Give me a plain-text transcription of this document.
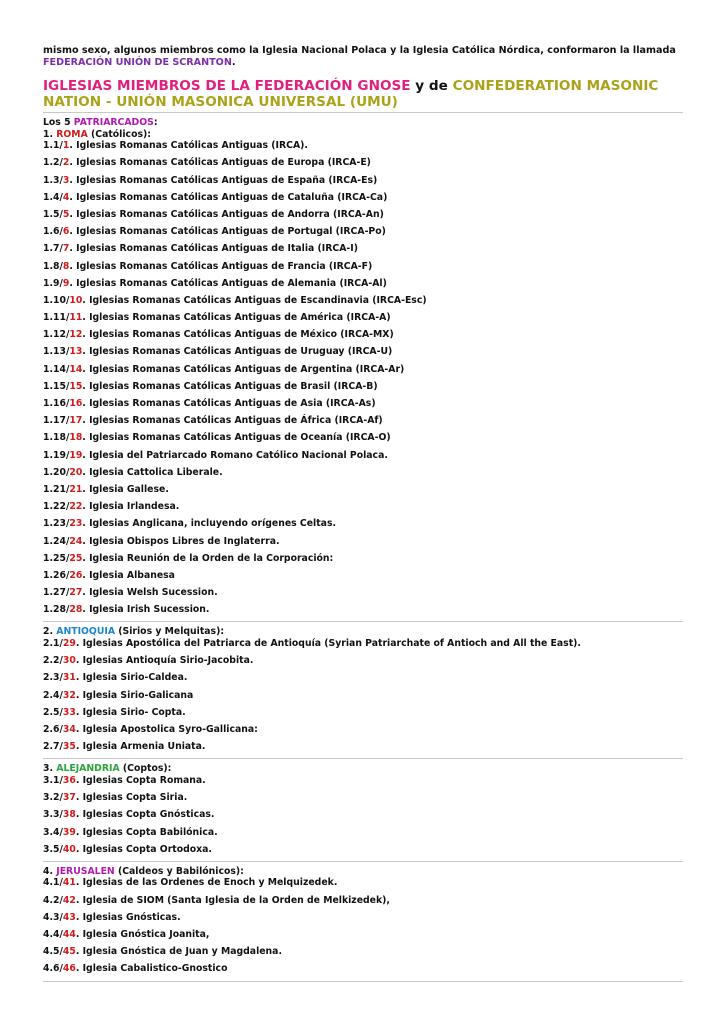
mismo sexo, algunos miembros como la Iglesia Nacional Polaca y la Iglesia Católica Nórdica, conformaron la llamada FEDERACIÓN UNIÓN DE SCRANTON.

IGLESIAS MIEMBROS DE LA FEDERACIÓN GNOSE y de CONFEDERATION MASONIC NATION - UNIÓN MASONICA UNIVERSAL (UMU)
Los 5 PATRIARCADOS:
1. ROMA (Católicos):
1.1/1. Iglesias Romanas Católicas Antiguas (IRCA).
1.2/2. Iglesias Romanas Católicas Antiguas de Europa (IRCA-E)
1.3/3. Iglesias Romanas Católicas Antiguas de España (IRCA-Es)
1.4/4. Iglesias Romanas Católicas Antiguas de Cataluña (IRCA-Ca)
1.5/5. Iglesias Romanas Católicas Antiguas de Andorra (IRCA-An)
1.6/6. Iglesias Romanas Católicas Antiguas de Portugal (IRCA-Po)
1.7/7. Iglesias Romanas Católicas Antiguas de Italia (IRCA-I)
1.8/8. Iglesias Romanas Católicas Antiguas de Francia (IRCA-F)
1.9/9. Iglesias Romanas Católicas Antiguas de Alemania (IRCA-Al)
1.10/10. Iglesias Romanas Católicas Antiguas de Escandinavia (IRCA-Esc)
1.11/11. Iglesias Romanas Católicas Antiguas de América (IRCA-A)
1.12/12. Iglesias Romanas Católicas Antiguas de México (IRCA-MX)
1.13/13. Iglesias Romanas Católicas Antiguas de Uruguay (IRCA-U)
1.14/14. Iglesias Romanas Católicas Antiguas de Argentina (IRCA-Ar)
1.15/15. Iglesias Romanas Católicas Antiguas de Brasil (IRCA-B)
1.16/16. Iglesias Romanas Católicas Antiguas de Asia (IRCA-As)
1.17/17. Iglesias Romanas Católicas Antiguas de África (IRCA-Af)
1.18/18. Iglesias Romanas Católicas Antiguas de Oceanía (IRCA-O)
1.19/19. Iglesia del Patriarcado Romano Católico Nacional Polaca.
1.20/20. Iglesia Cattolica Liberale.
1.21/21. Iglesia Gallese.
1.22/22. Iglesia Irlandesa.
1.23/23. Iglesias Anglicana, incluyendo orígenes Celtas.
1.24/24. Iglesia Obispos Libres de Inglaterra.
1.25/25. Iglesia Reunión de la Orden de la Corporación:
1.26/26. Iglesia Albanesa
1.27/27. Iglesia Welsh Sucession.
1.28/28. Iglesia Irish Sucession.
2. ANTIOQUIA (Sirios y Melquitas):
2.1/29. Iglesias Apostólica del Patriarca de Antioquía (Syrian Patriarchate of Antioch and All the East).
2.2/30. Iglesias Antioquía Sirio-Jacobita.
2.3/31. Iglesia Sirio-Caldea.
2.4/32. Iglesia Sirio-Galicana
2.5/33. Iglesia Sirio- Copta.
2.6/34. Iglesia Apostolica Syro-Gallicana:
2.7/35. Iglesia Armenia Uniata.
3. ALEJANDRIA (Coptos):
3.1/36. Iglesias Copta Romana.
3.2/37. Iglesias Copta Siria.
3.3/38. Iglesias Copta Gnósticas.
3.4/39. Iglesias Copta Babilónica.
3.5/40. Iglesias Copta Ortodoxa.
4. JERUSALEN (Caldeos y Babilónicos):
4.1/41. Iglesias de las Ordenes de Enoch y Melquizedek.
4.2/42. Iglesia de SIOM (Santa Iglesia de la Orden de Melkizedek),
4.3/43. Iglesias Gnósticas.
4.4/44. Iglesia Gnóstica Joanita,
4.5/45. Iglesia Gnóstica de Juan y Magdalena.
4.6/46. Iglesia Cabalistico-Gnostico
